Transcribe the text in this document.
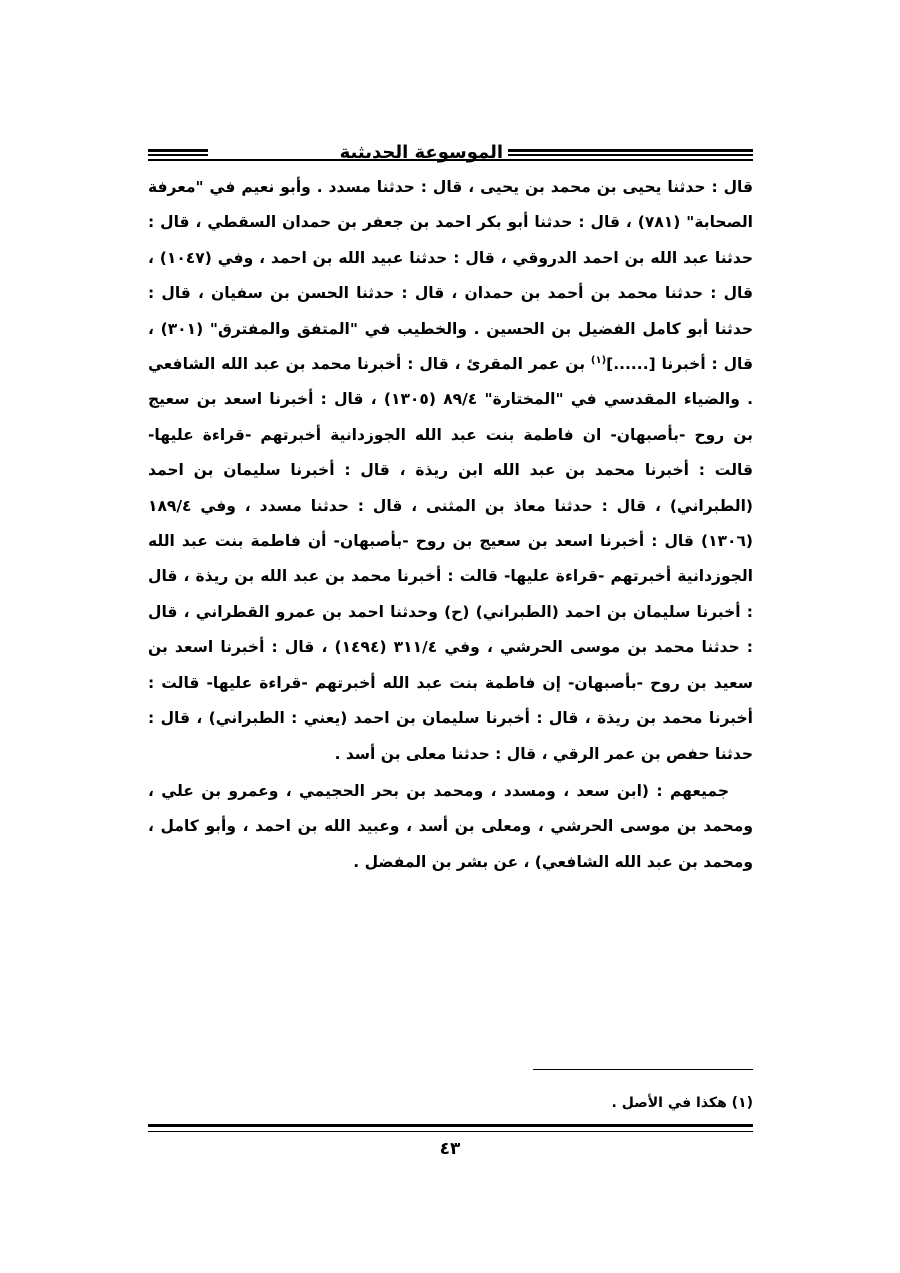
الموسوعة الحديثية

قال : حدثنا يحيى بن محمد بن يحيى ، قال : حدثنا مسدد . وأبو نعيم في "معرفة الصحابة" (٧٨١) ، قال : حدثنا أبو بكر احمد بن جعفر بن حمدان السقطي ، قال : حدثنا عبد الله بن احمد الدروقي ، قال : حدثنا عبيد الله بن احمد ، وفي (١٠٤٧) ، قال : حدثنا محمد بن أحمد بن حمدان ، قال : حدثنا الحسن بن سفيان ، قال : حدثنا أبو كامل الفضيل بن الحسين . والخطيب في "المتفق والمفترق" (٣٠١) ، قال : أخبرنا [......]$^{(١)}$ بن عمر المقرئ ، قال : أخبرنا محمد بن عبد الله الشافعي . والضياء المقدسي في "المختارة" ٨٩/٤ (١٣٠٥) ، قال : أخبرنا اسعد بن سعيج بن روح -بأصبهان- ان فاطمة بنت عبد الله الجوزدانية أخبرتهم -قراءة عليها- قالت : أخبرنا محمد بن عبد الله ابن ريذة ، قال : أخبرنا سليمان بن احمد (الطبراني) ، قال : حدثنا معاذ بن المثنى ، قال : حدثنا مسدد ، وفي ١٨٩/٤ (١٣٠٦) قال : أخبرنا اسعد بن سعيج بن روح -بأصبهان- أن فاطمة بنت عبد الله الجوزدانية أخبرتهم -قراءة عليها- قالت : أخبرنا محمد بن عبد الله بن ريذة ، قال : أخبرنا سليمان بن احمد (الطبراني) (ح) وحدثنا احمد بن عمرو القطراني ، قال : حدثنا محمد بن موسى الحرشي ، وفي ٣١١/٤ (١٤٩٤) ، قال : أخبرنا اسعد بن سعيد بن روح -بأصبهان- إن فاطمة بنت عبد الله أخبرتهم -قراءة عليها- قالت : أخبرنا محمد بن ريذة ، قال : أخبرنا سليمان بن احمد (يعني : الطبراني) ، قال : حدثنا حفص بن عمر الرقي ، قال : حدثنا معلى بن أسد .

جميعهم : (ابن سعد ، ومسدد ، ومحمد بن بحر الحجيمي ، وعمرو بن علي ، ومحمد بن موسى الحرشي ، ومعلى بن أسد ، وعبيد الله بن احمد ، وأبو كامل ، ومحمد بن عبد الله الشافعي) ، عن بشر بن المفضل .

(١) هكذا في الأصل .
٤٣
